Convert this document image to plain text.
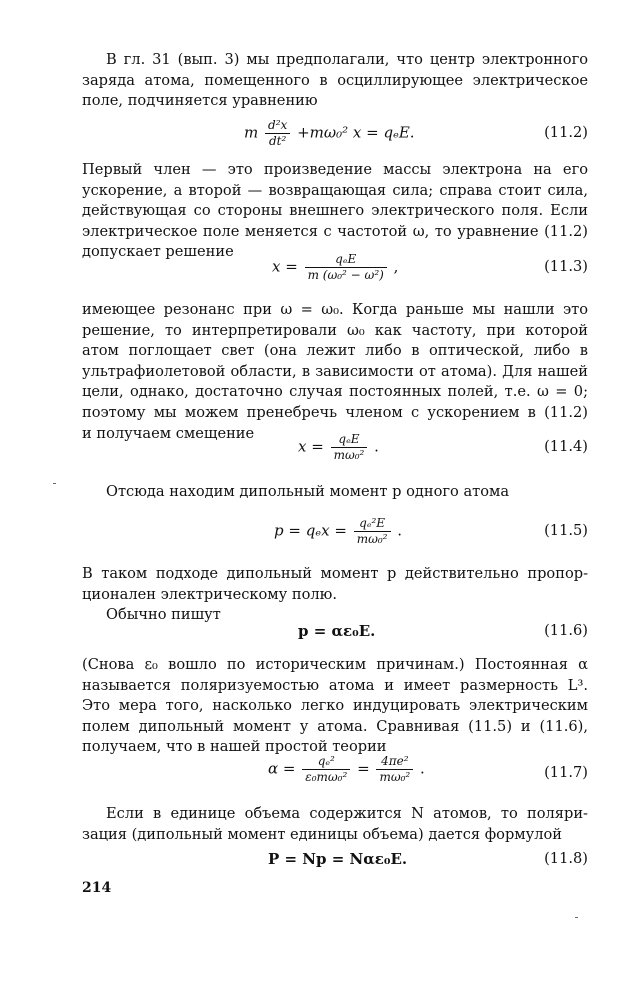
В гл. 31 (вып. 3) мы предполагали, что центр электронного
заряда атома, помещенного в осциллирующее электрическое
поле, подчиняется уравнению
m $\frac{\text{d²x}}{\text{dt²}} +m\omega_0^2$ x = qₑE.	(11.2)
Первый член — это произведение массы электрона на его
ускорение, а второй — возвращающая сила; справа стоит сила,
действующая со стороны внешнего электрического поля. Если
электрическое поле меняется с частотой ω, то уравнение (11.2)
допускает решение
$x = \frac{\text{qₑE}}{\text{m (ω₀² − ω²)}}$ ,	(11.3)
имеющее резонанс при ω = ω₀. Когда раньше мы нашли это
решение, то интерпретировали ω₀ как частоту, при которой
атом поглощает свет (она лежит либо в оптической, либо в
ультрафиолетовой области, в зависимости от атома). Для нашей
цели, однако, достаточно случая постоянных полей, т.е. ω = 0;
поэтому мы можем пренебречь членом с ускорением в (11.2)
и получаем смещение
$x = \frac{\text{qₑE}}{\text{mω₀²}}$ .	(11.4)
Отсюда находим дипольный момент p одного атома
$p = q_ex = \frac{\text{qₑ²E}}{\text{mω₀²}}$ .	(11.5)
В таком подходе дипольный момент p действительно пропор-
ционален электрическому полю.
Обычно пишут
p = αε₀E.	(11.6)
(Снова ε₀ вошло по историческим причинам.) Постоянная α
называется поляризуемостью атома и имеет размерность L³.
Это мера того, насколько легко индуцировать электрическим
полем дипольный момент у атома. Сравнивая (11.5) и (11.6),
получаем, что в нашей простой теории
$\alpha = \frac{\text{qₑ²}}{\text{ε₀mω₀²}} = \frac{\text{4πe²}}{\text{mω₀²}}$ .	(11.7)
Если в единице объема содержится N атомов, то поляри-
зация (дипольный момент единицы объема) дается формулой
P = Np = Nαε₀E.	(11.8)
214
